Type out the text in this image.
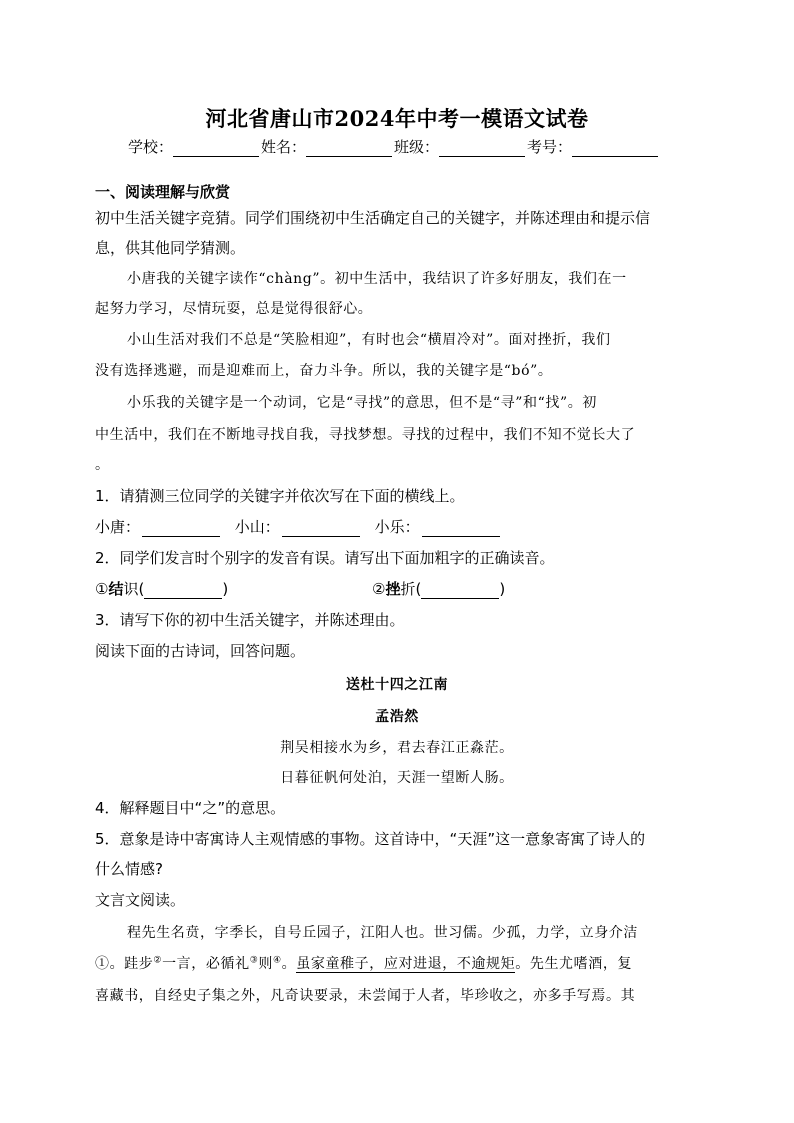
河北省唐山市2024年中考一模语文试卷
学校：	姓名：	班级：	考号：
一、阅读理解与欣赏
初中生活关键字竞猜。同学们围绕初中生活确定自己的关键字，并陈述理由和提示信
息，供其他同学猜测。
小唐我的关键字读作“chàng”。初中生活中，我结识了许多好朋友，我们在一
起努力学习，尽情玩耍，总是觉得很舒心。
小山生活对我们不总是“笑脸相迎”，有时也会“横眉冷对”。面对挫折，我们
没有选择逃避，而是迎难而上，奋力斗争。所以，我的关键字是“bó”。
小乐我的关键字是一个动词，它是“寻找”的意思，但不是“寻”和“找”。初
中生活中，我们在不断地寻找自我，寻找梦想。寻找的过程中，我们不知不觉长大了
。
1．请猜测三位同学的关键字并依次写在下面的横线上。
小唐：	小山：	小乐：
2．同学们发言时个别字的发音有误。请写出下面加粗字的正确读音。
①结识(	)	②挫折(	)
3．请写下你的初中生活关键字，并陈述理由。
阅读下面的古诗词，回答问题。
送杜十四之江南
孟浩然
荆吴相接水为乡，君去春江正淼茫。
日暮征帆何处泊，天涯一望断人肠。
4．解释题目中“之”的意思。
5．意象是诗中寄寓诗人主观情感的事物。这首诗中，“天涯”这一意象寄寓了诗人的
什么情感?
文言文阅读。
程先生名贲，字季长，自号丘园子，江阳人也。世习儒。少孤，力学，立身介洁
①。跬步②一言，必循礼③则④。虽家童稚子，应对进退，不逾规矩。先生尤嗜酒，复
喜藏书，自经史子集之外，凡奇诀要录，未尝闻于人者，毕珍收之，亦多手写焉。其
